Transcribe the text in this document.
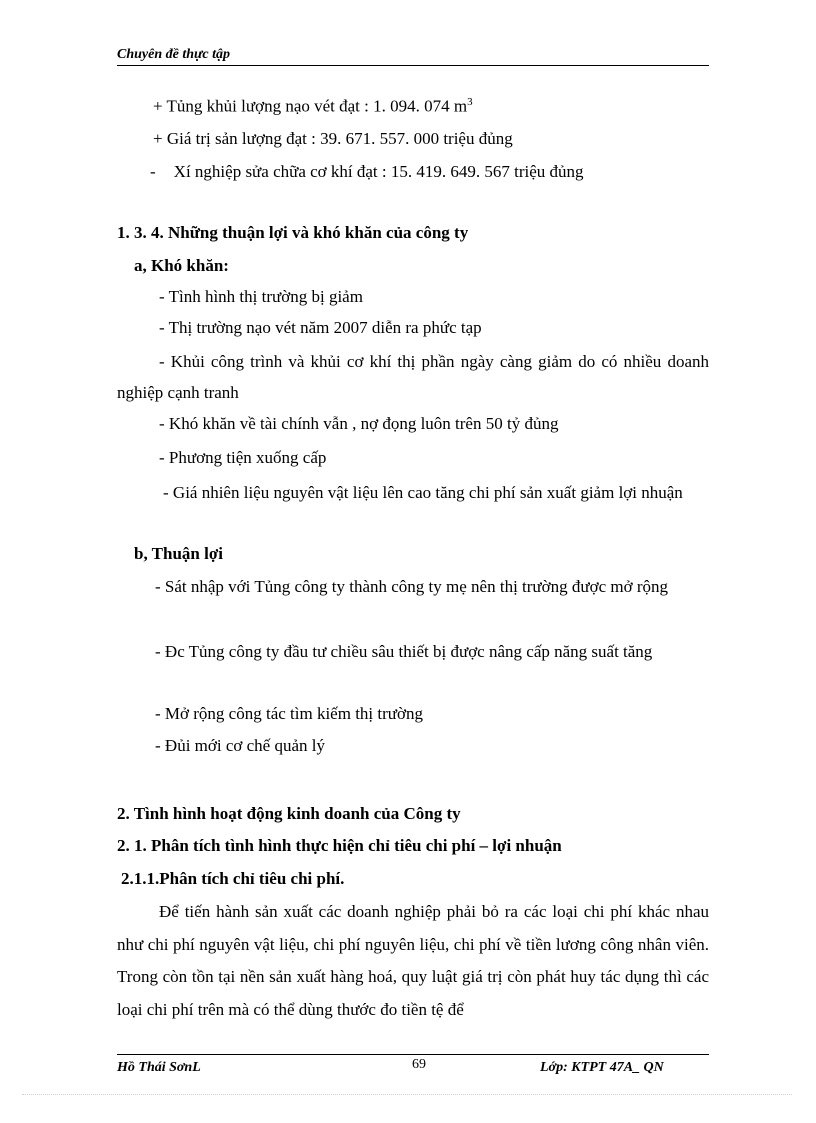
Chuyên đề thực tập
+ Tủng khủi lượng nạo vét đạt : 1. 094. 074 $m^3$
+ Giá trị sản lượng đạt : 39. 671. 557. 000 triệu đủng
- Xí nghiệp sửa chữa cơ khí đạt : 15. 419. 649. 567 triệu đủng
1. 3. 4. Những thuận lợi và khó khăn của công ty
a, Khó khăn:
- Tình hình thị trường bị giảm
- Thị trường nạo vét năm 2007 diễn ra phức tạp

- Khủi công trình và khủi cơ khí thị phần ngày càng giảm do có nhiều doanh nghiệp cạnh tranh

- Khó khăn về tài chính vẫn , nợ đọng luôn trên 50 tỷ đủng
- Phương tiện xuống cấp

- Giá nhiên liệu nguyên vật liệu lên cao tăng chi phí sản xuất giảm lợi nhuận

b, Thuận lợi

- Sát nhập với Tủng công ty thành công ty mẹ nên thị trường được mở rộng

- Đc Tủng công ty đầu tư chiều sâu thiết bị được nâng cấp năng suất tăng

- Mở rộng công tác tìm kiếm thị trường
- Đủi mới cơ chế quản lý
2. Tình hình hoạt động kinh doanh của Công ty
2. 1. Phân tích tình hình thực hiện chỉ tiêu chi phí – lợi nhuận
2.1.1.Phân tích chỉ tiêu chi phí.

Để tiến hành sản xuất các doanh nghiệp phải bỏ ra các loại chi phí khác nhau như chi phí nguyên vật liệu, chi phí nguyên liệu, chi phí về tiền lương công nhân viên. Trong còn tồn tại nền sản xuất hàng hoá, quy luật giá trị còn phát huy tác dụng thì các loại chi phí trên mà có thể dùng thước đo tiền tệ để

Hồ Thái SơnL	69	Lớp: KTPT 47A_ QN
